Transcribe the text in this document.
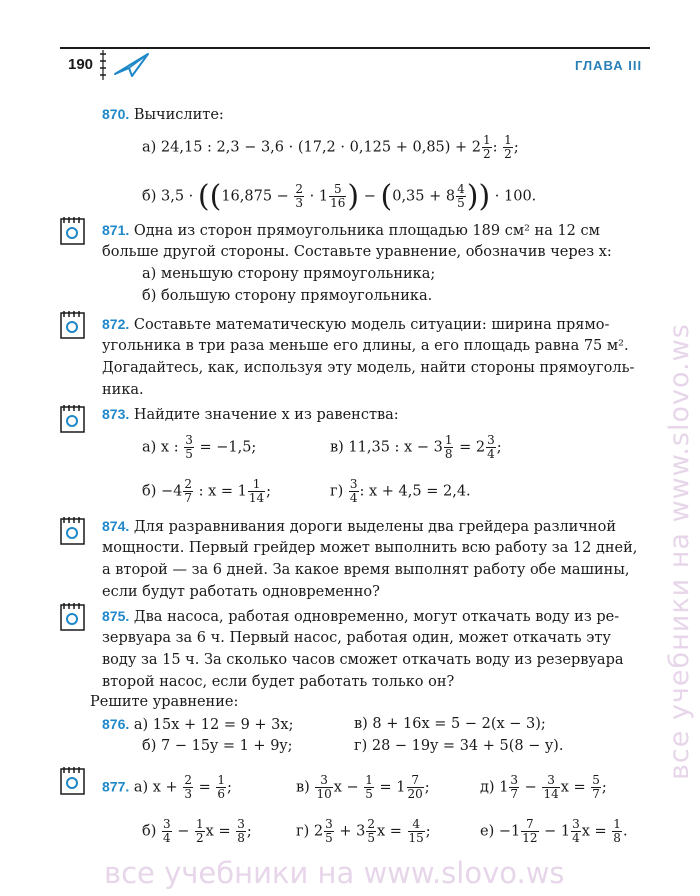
190	ГЛАВА III
870. Вычислите:
а) 24,15 : $2,3 - 3,6 \cdot (17,2 \cdot 0,125 + 0,85) + 2 \frac{1}{2}$ : $\frac{1}{2}$ ;
б) $3,5 \cdot ((16,875 - \frac{2}{3} \cdot 1 \frac{5}{16}$ ) − ($0,35 + 8 \frac{4}{5}$ )) · 100.
871. Одна из сторон прямоугольника площадью 189 см² на 12 см
больше другой стороны. Составьте уравнение, обозначив через x:
а) меньшую сторону прямоугольника;
б) большую сторону прямоугольника.
872. Составьте математическую модель ситуации: ширина прямо-
угольника в три раза меньше его длины, а его площадь равна 75 м².
Догадайтесь, как, используя эту модель, найти стороны прямоуголь-
ника.
873. Найдите значение x из равенства:
а) x : $\frac{3}{5} = -1,5$;	в) 11,35 : $x - 3 \frac{1}{8} = 2 \frac{3}{4}$ ;
$б) -4 \frac{2}{7}$ : $x = 1 \frac{1}{14}$ ;	$г) \frac{3}{4}$ : x + 4,5 = 2,4.
874. Для разравнивания дороги выделены два грейдера различной
мощности. Первый грейдер может выполнить всю работу за 12 дней,
а второй — за 6 дней. За какое время выполнят работу обе машины,
если будут работать одновременно?
875. Два насоса, работая одновременно, могут откачать воду из ре-
зервуара за 6 ч. Первый насос, работая один, может откачать эту
воду за 15 ч. За сколько часов сможет откачать воду из резервуара
второй насос, если будет работать только он?
Решите уравнение:
876. а) 15x + 12 = 9 + 3x;	в) 8 + 16x = 5 − 2(x − 3);
б) 7 − 15y = 1 + 9y;	г) 28 − 19y = 34 + 5(8 − y).
877. а) $x + \frac{2}{3} = \frac{1}{6}$ ;	$в) \frac{3}{10}$ $x - \frac{1}{5} = 1 \frac{7}{20}$ ;	д) $1 \frac{3}{7} - \frac{3}{14}$ $x = \frac{5}{7}$ ;
$б) \frac{3}{4} - \frac{1}{2}$ $x = \frac{3}{8}$ ;	г) $2 \frac{3}{5} + 3 \frac{2}{5}$ $x = \frac{4}{15}$ ;	$е) -1 \frac{7}{12} - 1 \frac{3}{4}$ $x = \frac{1}{8}$ .
все учебники на www.slovo.ws
все учебники на www.slovo.ws
